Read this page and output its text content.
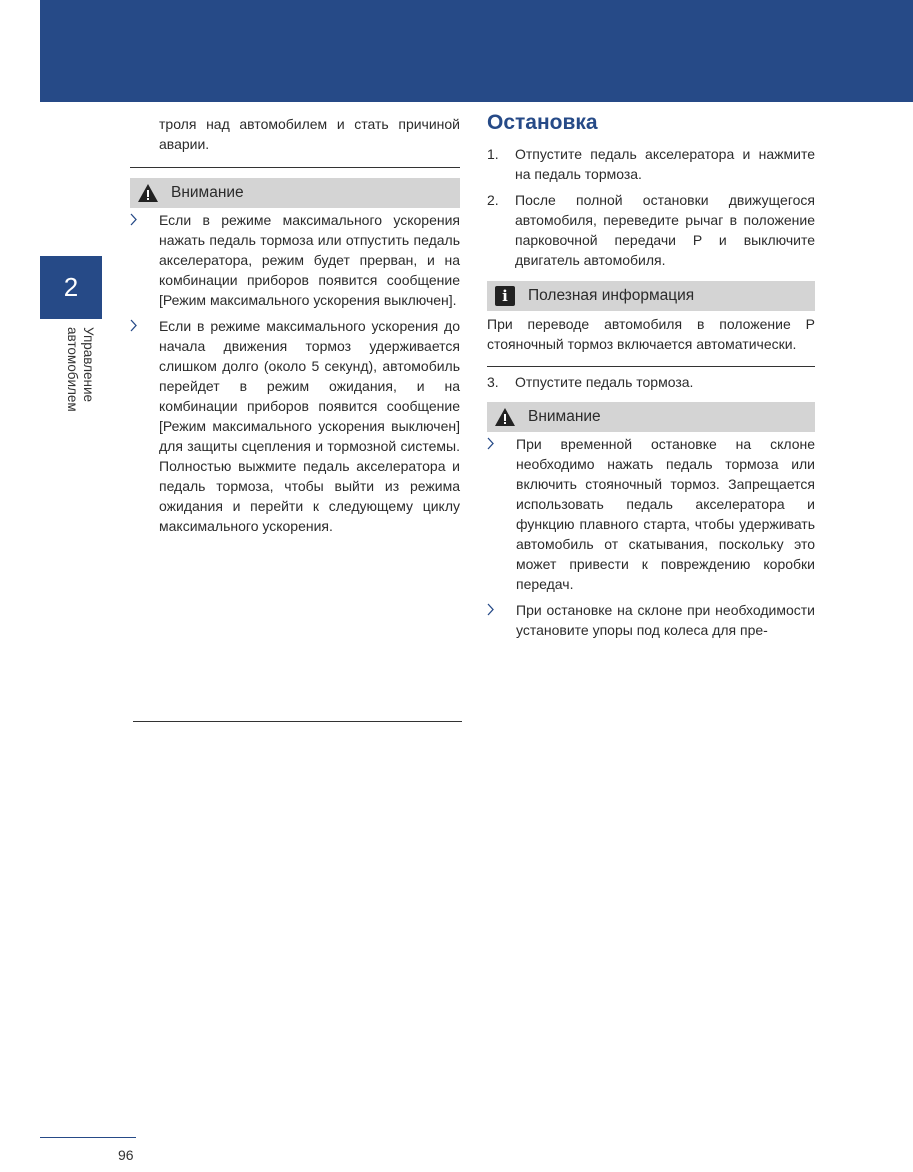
2
Управление автомобилем

троля над автомобилем и стать причиной аварии.

Внимание
Если в режиме максимального ускорения нажать педаль тормоза или отпустить педаль акселератора, режим будет прерван, и на комбинации приборов появится сообщение [Режим максимального ускорения выключен].
Если в режиме максимального ускорения до начала движения тормоз удерживается слишком долго (около 5 секунд), автомобиль перейдет в режим ожидания, и на комбинации приборов появится сообщение [Режим максимального ускорения выключен] для защиты сцепления и тормозной системы. Полностью выжмите педаль акселератора и педаль тормоза, чтобы выйти из режима ожидания и перейти к следующему циклу максимального ускорения.
Остановка
1. Отпустите педаль акселератора и нажмите на педаль тормоза.
2. После полной остановки движущегося автомобиля, переведите рычаг в положение парковочной передачи P и выключите двигатель автомобиля.
i	Полезная информация

При переводе автомобиля в положение P стояночный тормоз включается автоматически.

3. Отпустите педаль тормоза.
Внимание
При временной остановке на склоне необходимо нажать педаль тормоза или включить стояночный тормоз. Запрещается использовать педаль акселератора и функцию плавного старта, чтобы удерживать автомобиль от скатывания, поскольку это может привести к повреждению коробки передач.
При остановке на склоне при необходимости установите упоры под колеса для пре-
96
